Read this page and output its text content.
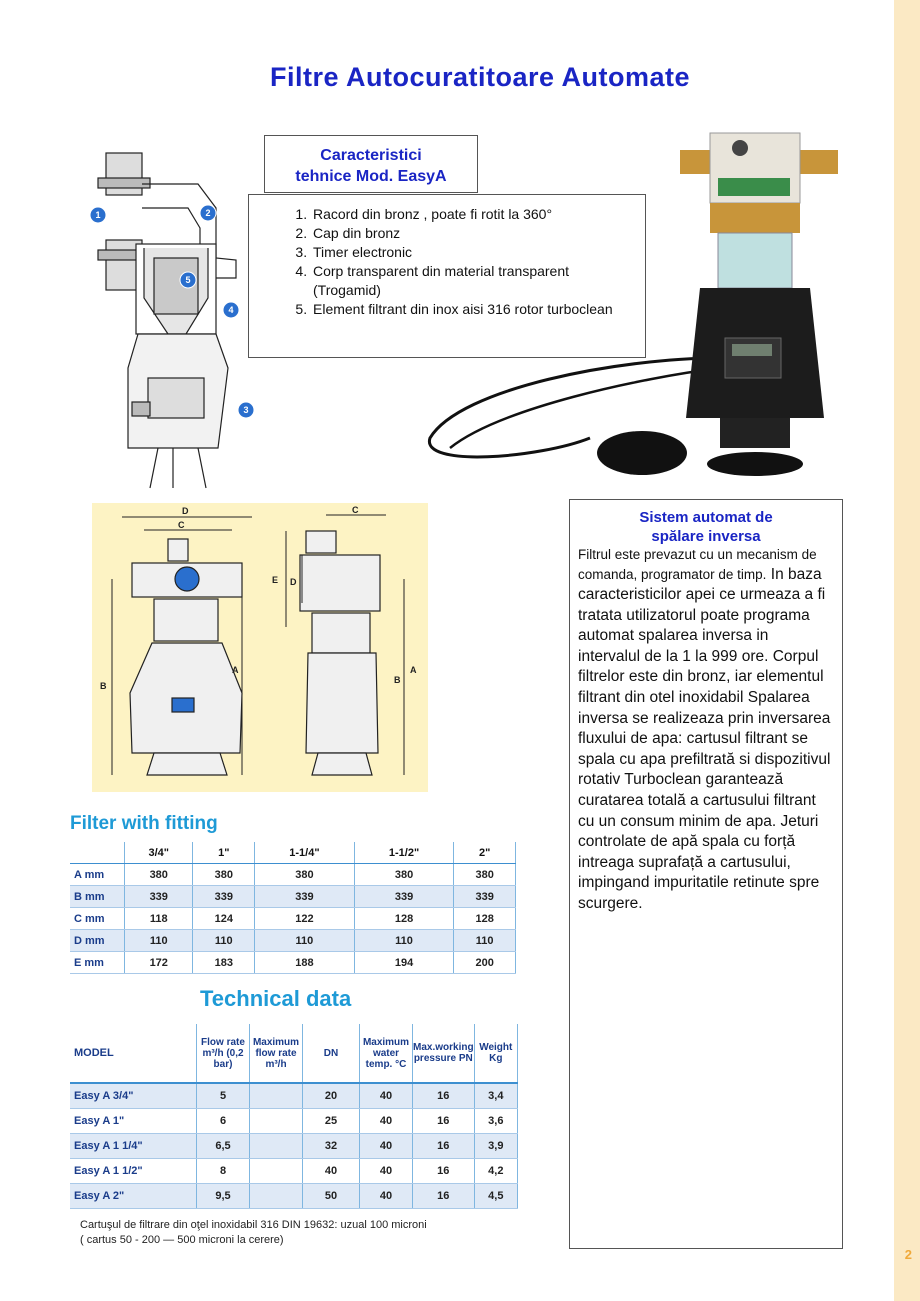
2
Filtre Autocuratitoare Automate
1	2
3
4
5
Caracteristici
tehnice Mod. EasyA
1. Racord din bronz , poate fi rotit la 360°
2. Cap din bronz
3. Timer electronic
4. Corp transparent din material transparent (Trogamid)
5. Element filtrant din inox aisi 316 rotor turboclean
D
C
B
A
C
E D
B
A
Sistem automat de
spălare inversa
Filtrul este prevazut cu un mecanism de comanda, programator de timp. In baza caracteristicilor apei ce urmeaza a fi tratata utilizatorul poate programa automat spalarea inversa in intervalul de la 1 la 999 ore. Corpul filtrelor este din bronz, iar elementul filtrant din otel inoxidabil Spalarea inversa se realizeaza prin inversarea fluxului de apa: cartusul filtrant se spala cu apa prefiltrată si dispozitivul rotativ Turboclean garantează curatarea totală a cartusului filtrant cu un consum minim de apa. Jeturi controlate de apă spala cu forță intreaga suprafață a cartusului, impingand impuritatile retinute spre scurgere.
Filter with fitting
	3/4"	1"	1-1/4"	1-1/2"	2"
A mm	380	380	380	380	380
B mm	339	339	339	339	339
C mm	118	124	122	128	128
D mm	110	110	110	110	110
E mm	172	183	188	194	200
Technical data
MODEL	Flow rate m³/h (0,2 bar)	Maximum flow rate m³/h	DN	Maximum water temp. °C	Max.working pressure PN	Weight Kg
Easy A 3/4"	5		20	40	16	3,4
Easy A 1"	6		25	40	16	3,6
Easy A 1 1/4"	6,5		32	40	16	3,9
Easy A 1 1/2"	8		40	40	16	4,2
Easy A 2"	9,5		50	40	16	4,5
Cartuşul de filtrare din oţel inoxidabil 316 DIN 19632: uzual 100 microni
( cartus 50 - 200 — 500 microni la cerere)
